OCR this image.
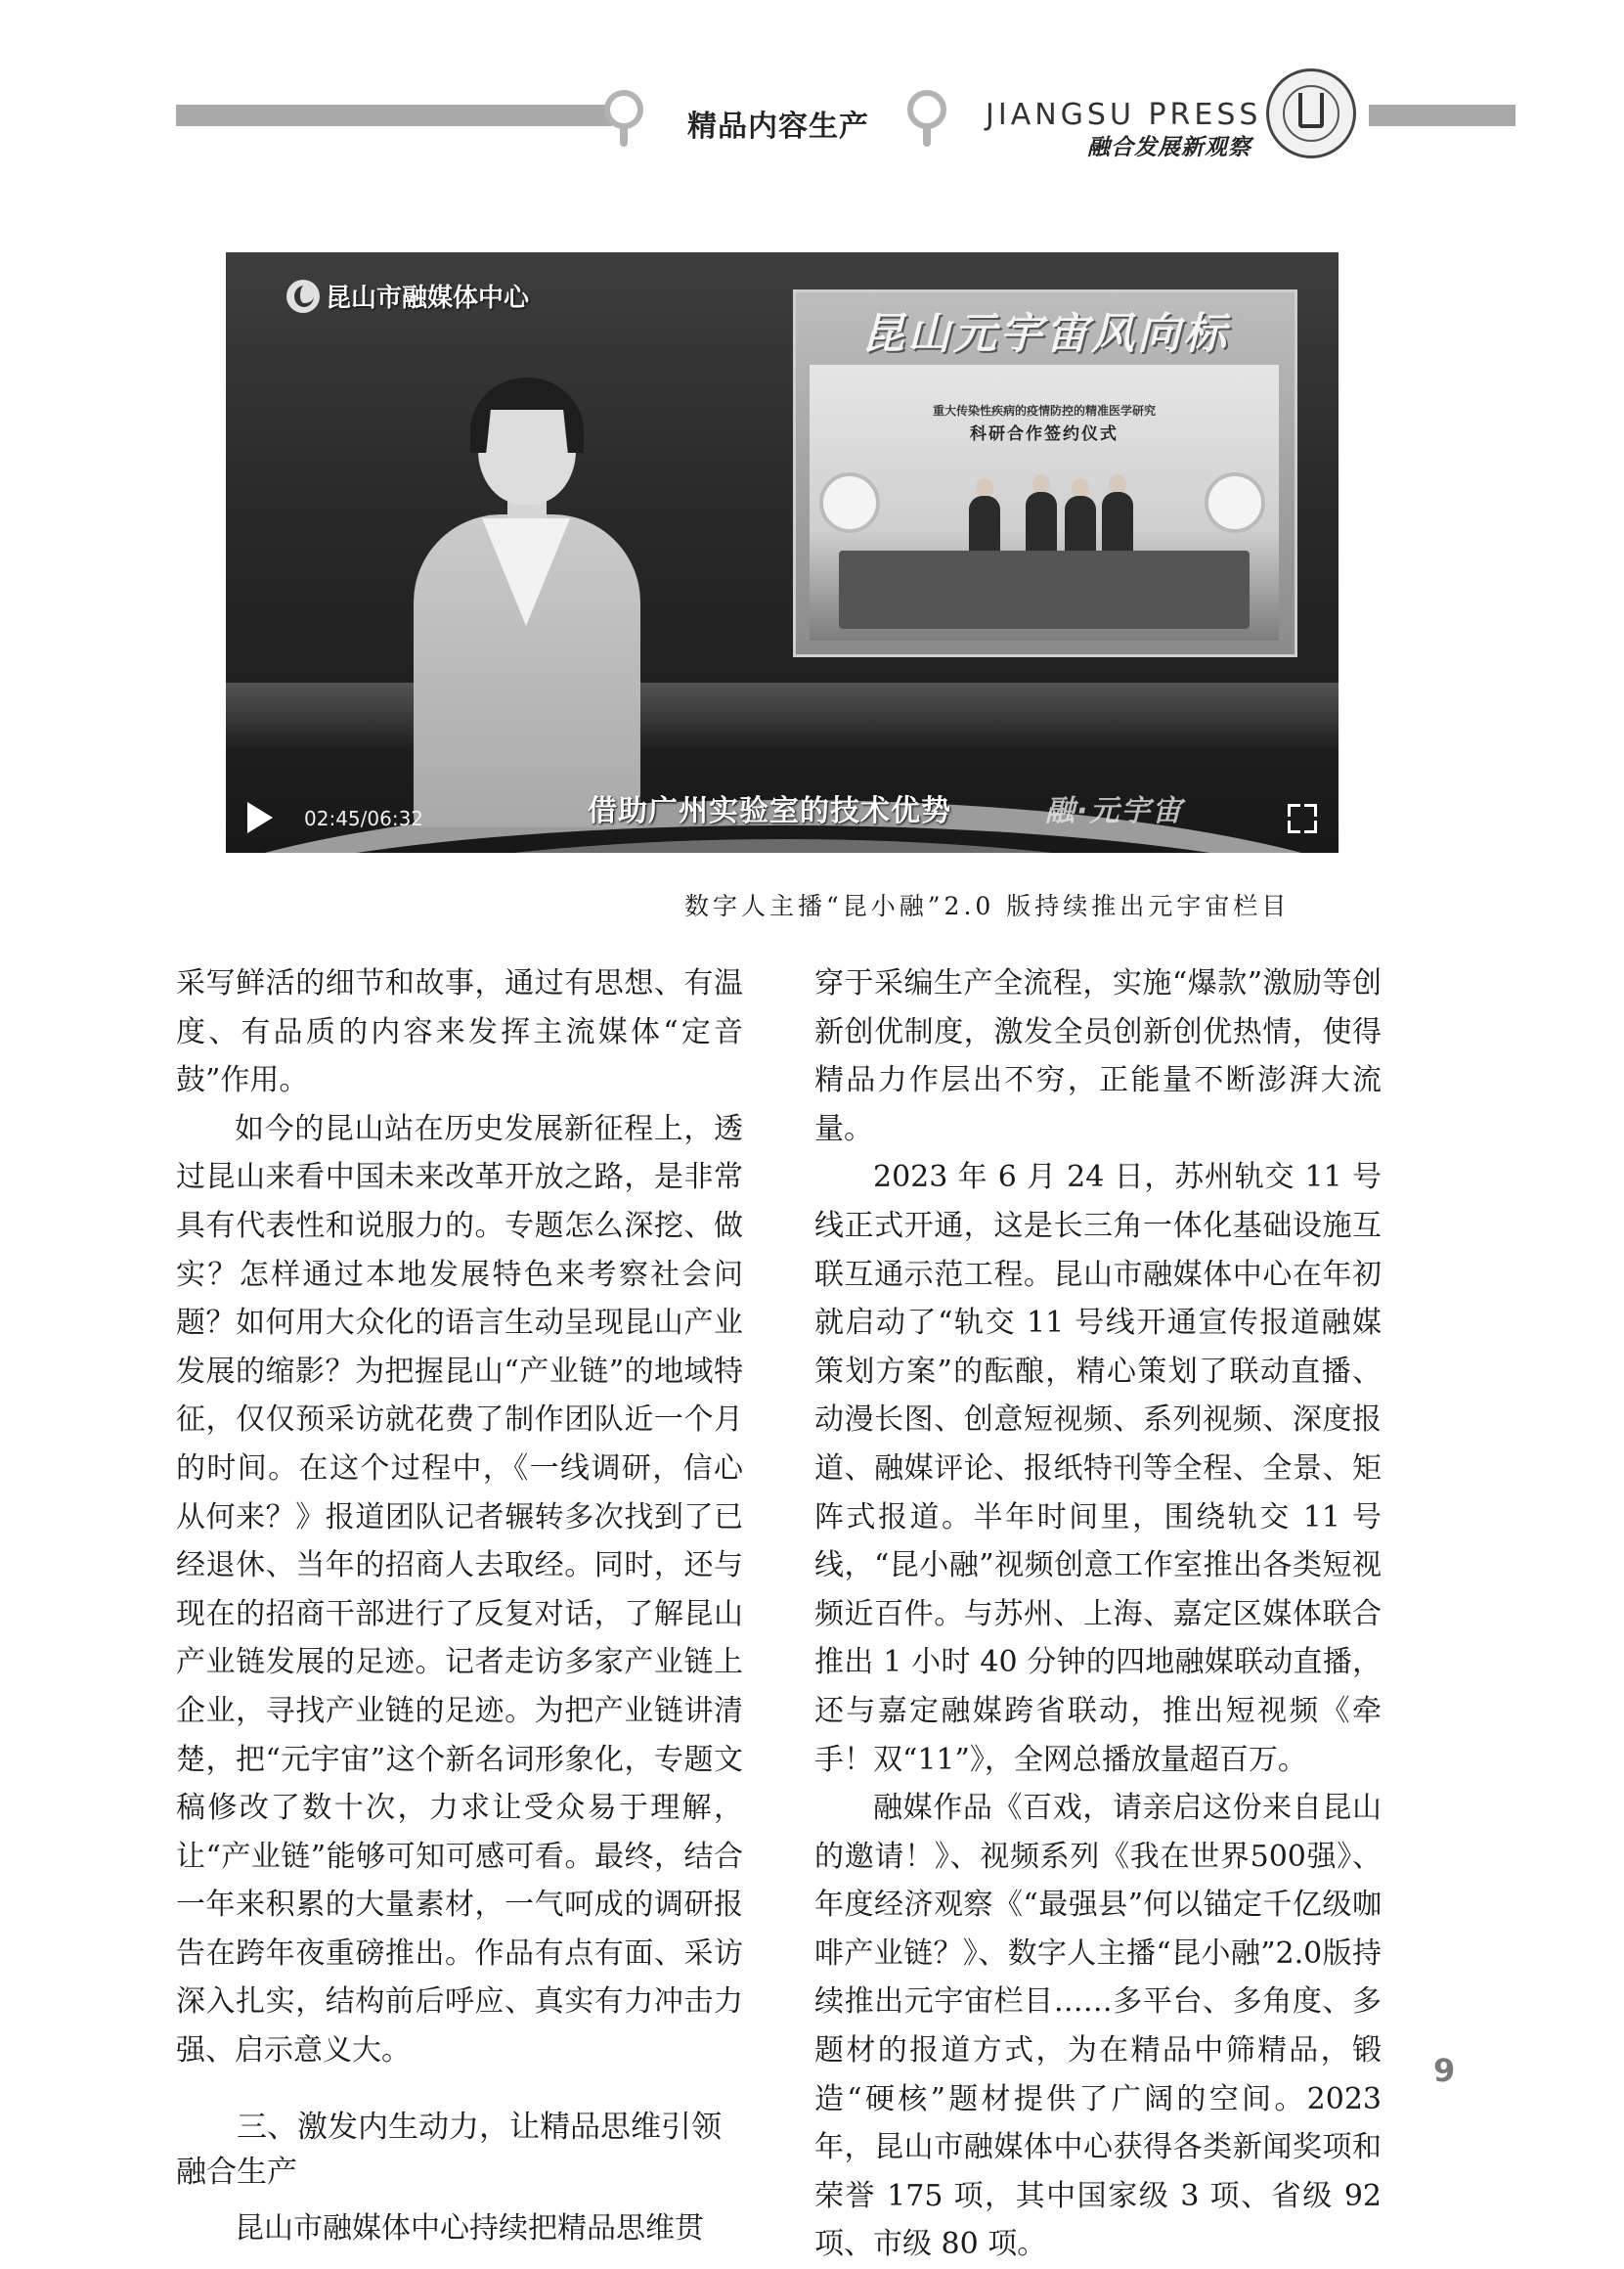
精品内容生产	JIANGSU PRESS
融合发展新观察
昆山元宇宙风向标
重大传染性疾病的疫情防控的精准医学研究
科研合作签约仪式
昆山市融媒体中心
借助广州实验室的技术优势	融·元宇宙
02:45/06:32
数字人主播“昆小融”2.0 版持续推出元宇宙栏目

采写鲜活的细节和故事，通过有思想、有温度、有品质的内容来发挥主流媒体“定音鼓”作用。

如今的昆山站在历史发展新征程上，透过昆山来看中国未来改革开放之路，是非常具有代表性和说服力的。专题怎么深挖、做实？怎样通过本地发展特色来考察社会问题？如何用大众化的语言生动呈现昆山产业发展的缩影？为把握昆山“产业链”的地域特征，仅仅预采访就花费了制作团队近一个月的时间。在这个过程中，《一线调研，信心从何来？》报道团队记者辗转多次找到了已经退休、当年的招商人去取经。同时，还与现在的招商干部进行了反复对话，了解昆山产业链发展的足迹。记者走访多家产业链上企业，寻找产业链的足迹。为把产业链讲清楚，把“元宇宙”这个新名词形象化，专题文稿修改了数十次，力求让受众易于理解，让“产业链”能够可知可感可看。最终，结合一年来积累的大量素材，一气呵成的调研报告在跨年夜重磅推出。作品有点有面、采访深入扎实，结构前后呼应、真实有力冲击力强、启示意义大。

三、激发内生动力，让精品思维引领融合生产

昆山市融媒体中心持续把精品思维贯

穿于采编生产全流程，实施“爆款”激励等创新创优制度，激发全员创新创优热情，使得精品力作层出不穷，正能量不断澎湃大流量。

2023 年 6 月 24 日，苏州轨交 11 号线正式开通，这是长三角一体化基础设施互联互通示范工程。昆山市融媒体中心在年初就启动了“轨交 11 号线开通宣传报道融媒策划方案”的酝酿，精心策划了联动直播、动漫长图、创意短视频、系列视频、深度报道、融媒评论、报纸特刊等全程、全景、矩阵式报道。半年时间里，围绕轨交 11 号线，“昆小融”视频创意工作室推出各类短视频近百件。与苏州、上海、嘉定区媒体联合推出 1 小时 40 分钟的四地融媒联动直播，还与嘉定融媒跨省联动，推出短视频《牵手！双“11”》，全网总播放量超百万。

融媒作品《百戏，请亲启这份来自昆山的邀请！》、视频系列《我在世界500强》、年度经济观察《“最强县”何以锚定千亿级咖啡产业链？》、数字人主播“昆小融”2.0版持续推出元宇宙栏目……多平台、多角度、多题材的报道方式，为在精品中筛精品，锻造“硬核”题材提供了广阔的空间。2023 年，昆山市融媒体中心获得各类新闻奖项和荣誉 175 项，其中国家级 3 项、省级 92 项、市级 80 项。

9
